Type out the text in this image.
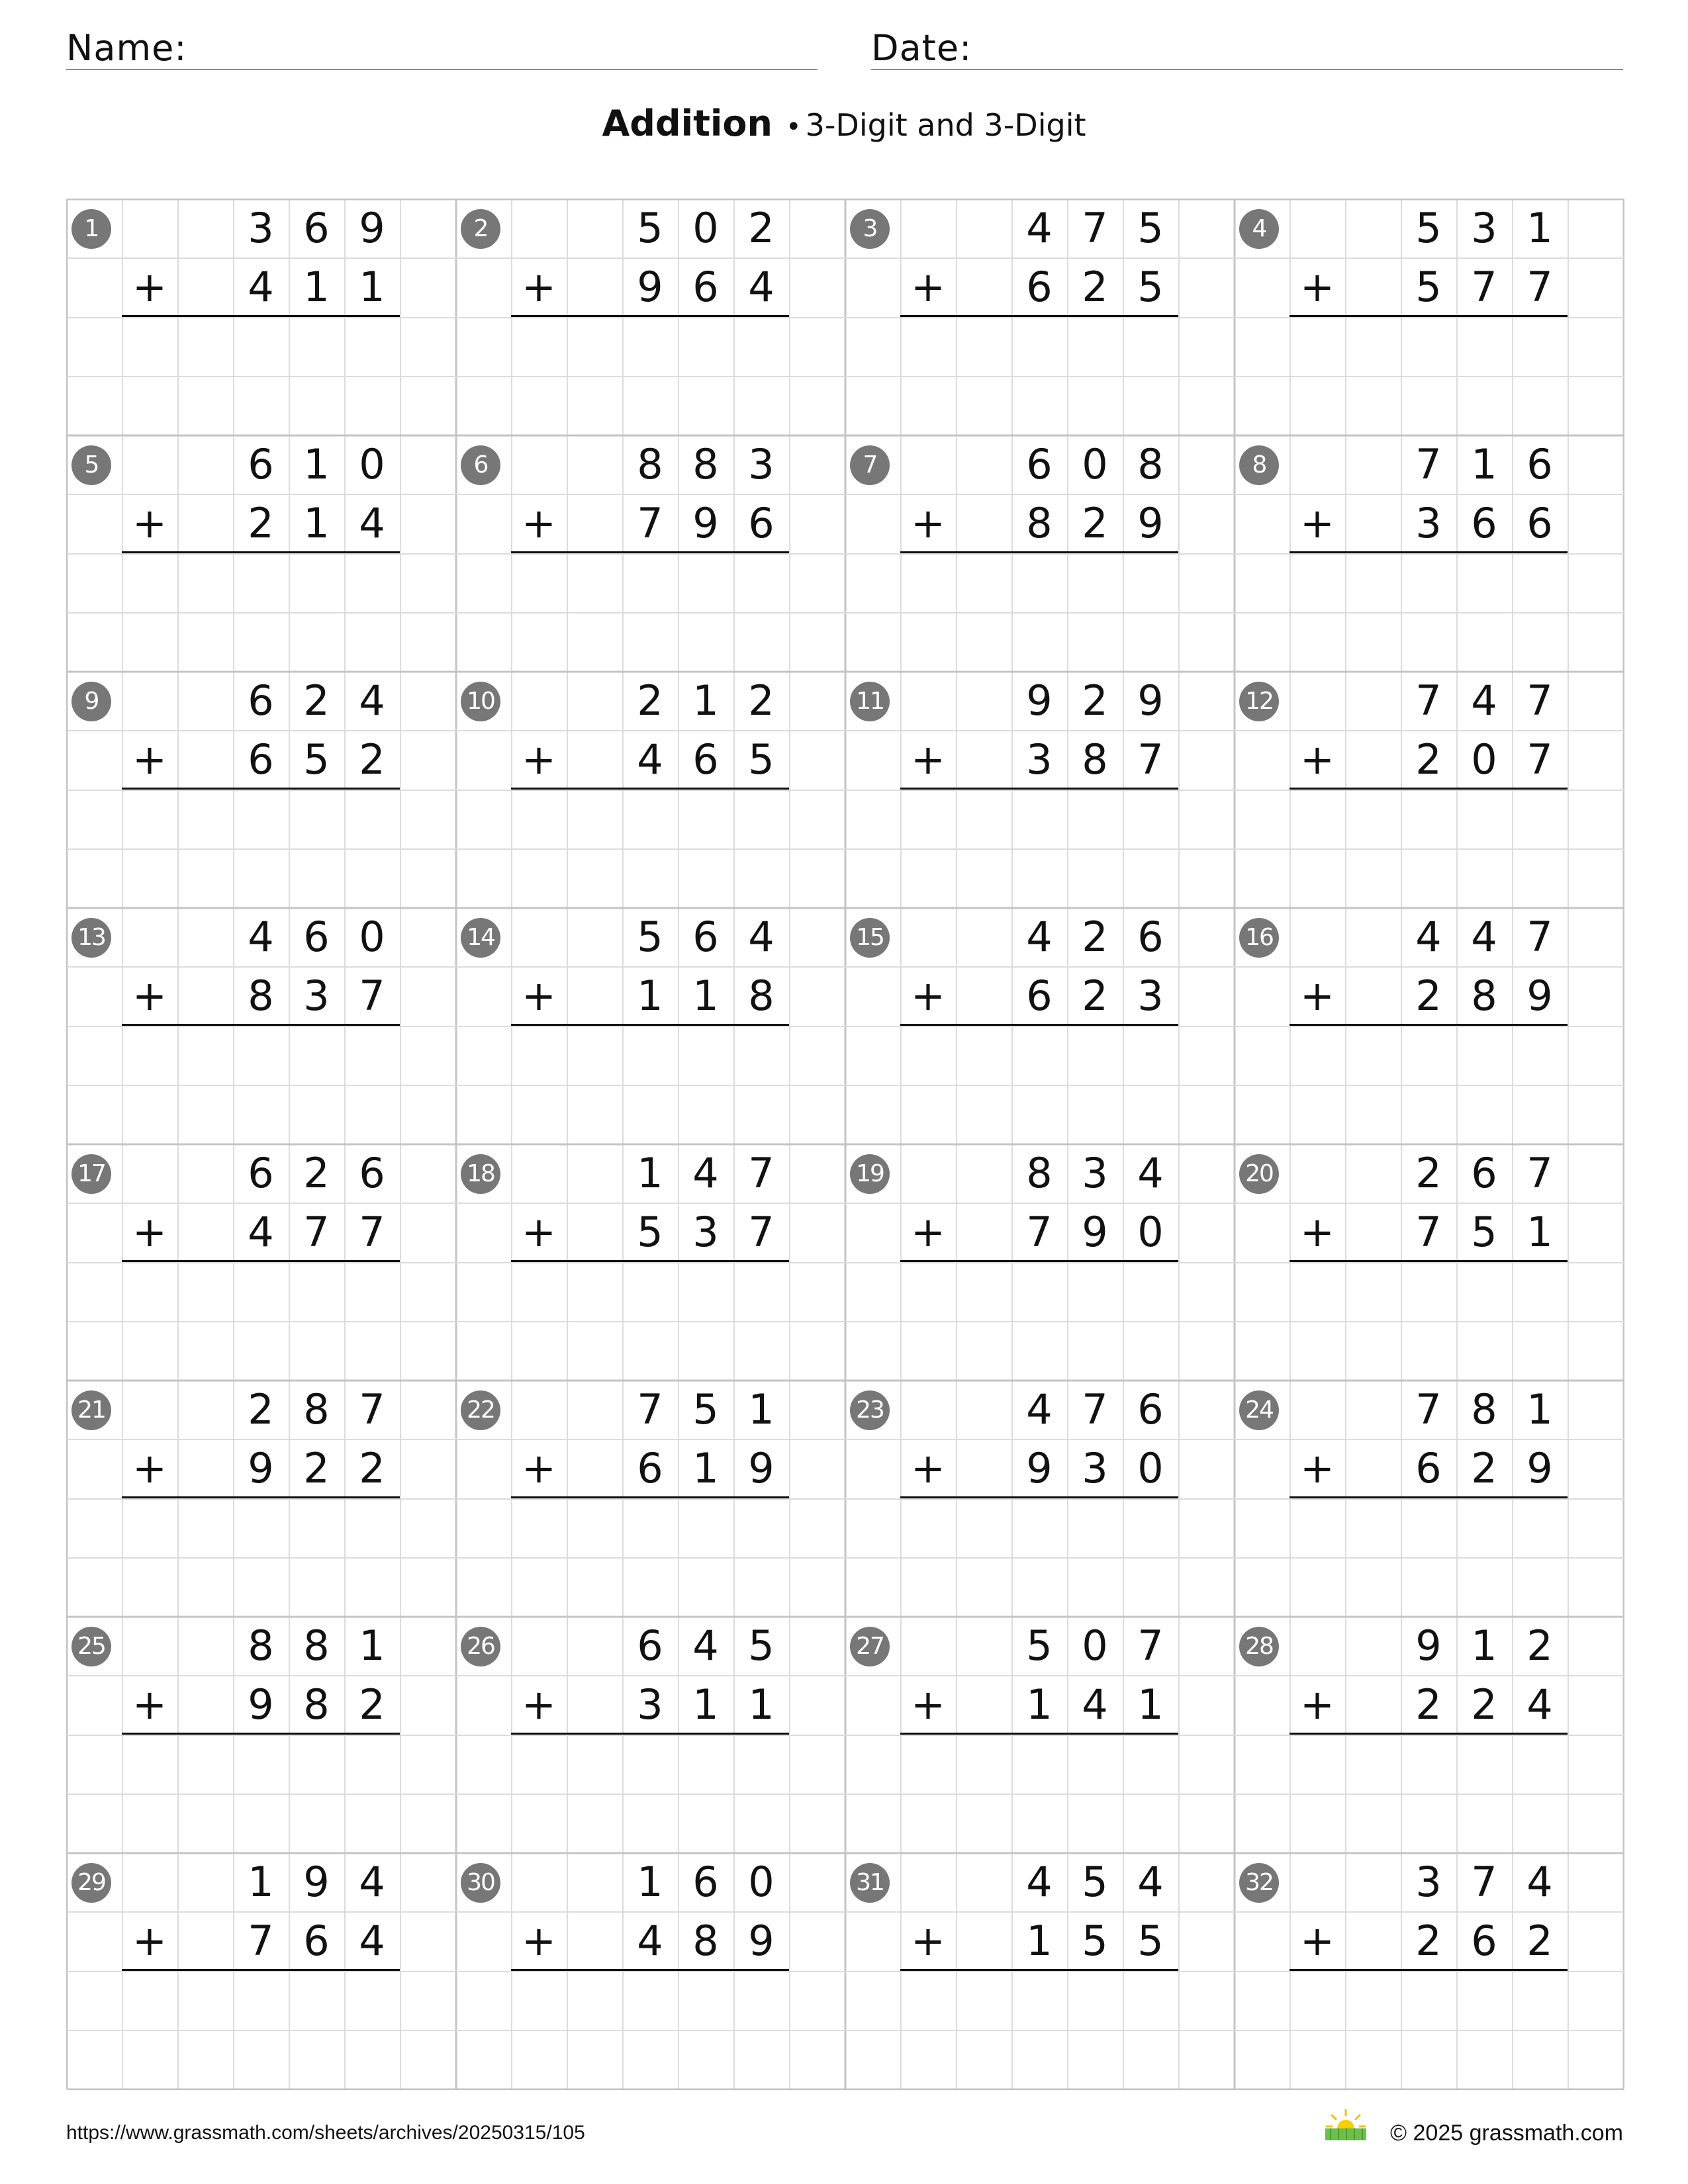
Name:	Date:
Addition • 3-Digit and 3-Digit
1	3 6 9
4 1 1
+
2	5 0 2
9 6 4
+
3	4 7 5
6 2 5
+
4	5 3 1
5 7 7
+
5	6 1 0
2 1 4
+
6	8 8 3
7 9 6
+
7	6 0 8
8 2 9
+
8	7 1 6
3 6 6
+
9	6 2 4
6 5 2
+
10	2 1 2
4 6 5
+
11	9 2 9
3 8 7
+
12	7 4 7
2 0 7
+
13	4 6 0
8 3 7
+
14	5 6 4
1 1 8
+
15	4 2 6
6 2 3
+
16	4 4 7
2 8 9
+
17	6 2 6
4 7 7
+
18	1 4 7
5 3 7
+
19	8 3 4
7 9 0
+
20	2 6 7
7 5 1
+
21	2 8 7
9 2 2
+
22	7 5 1
6 1 9
+
23	4 7 6
9 3 0
+
24	7 8 1
6 2 9
+
25	8 8 1
9 8 2
+
26	6 4 5
3 1 1
+
27	5 0 7
1 4 1
+
28	9 1 2
2 2 4
+
29	1 9 4
7 6 4
+
30	1 6 0
4 8 9
+
31	4 5 4
1 5 5
+
32	3 7 4
2 6 2
+
https://www.grassmath.com/sheets/archives/20250315/105	© 2025 grassmath.com
